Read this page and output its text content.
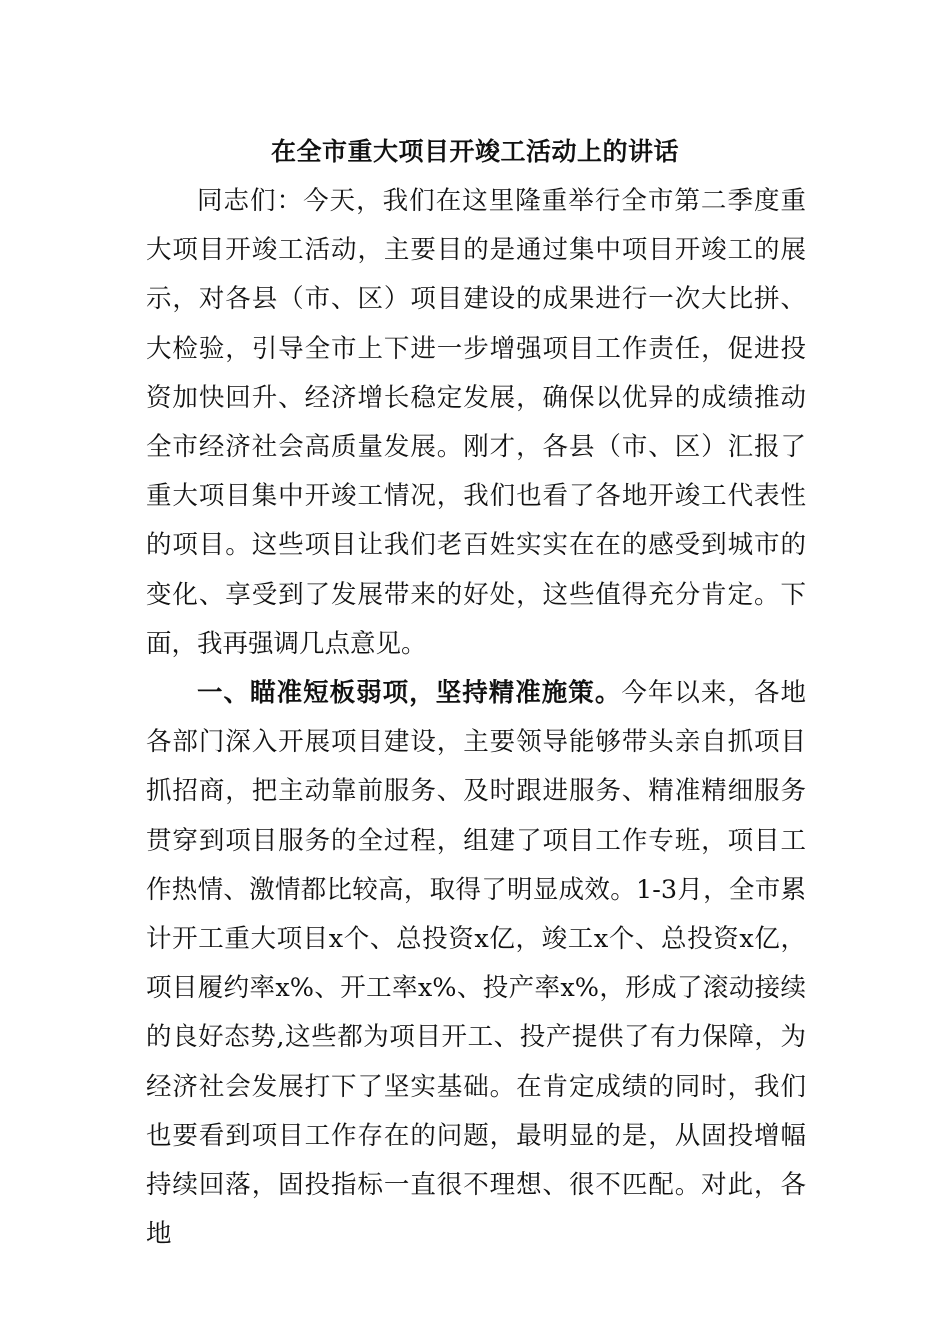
在全市重大项目开竣工活动上的讲话

同志们：今天，我们在这里隆重举行全市第二季度重大项目开竣工活动，主要目的是通过集中项目开竣工的展示，对各县（市、区）项目建设的成果进行一次大比拼、大检验，引导全市上下进一步增强项目工作责任，促进投资加快回升、经济增长稳定发展，确保以优异的成绩推动全市经济社会高质量发展。刚才，各县（市、区）汇报了重大项目集中开竣工情况，我们也看了各地开竣工代表性的项目。这些项目让我们老百姓实实在在的感受到城市的变化、享受到了发展带来的好处，这些值得充分肯定。下面，我再强调几点意见。

一、瞄准短板弱项，坚持精准施策。今年以来，各地各部门深入开展项目建设，主要领导能够带头亲自抓项目抓招商，把主动靠前服务、及时跟进服务、精准精细服务贯穿到项目服务的全过程，组建了项目工作专班，项目工作热情、激情都比较高，取得了明显成效。1-3月，全市累计开工重大项目x个、总投资x亿，竣工x个、总投资x亿，项目履约率x%、开工率x%、投产率x%，形成了滚动接续的良好态势,这些都为项目开工、投产提供了有力保障，为经济社会发展打下了坚实基础。在肯定成绩的同时，我们也要看到项目工作存在的问题，最明显的是，从固投增幅持续回落，固投指标一直很不理想、很不匹配。对此，各地
